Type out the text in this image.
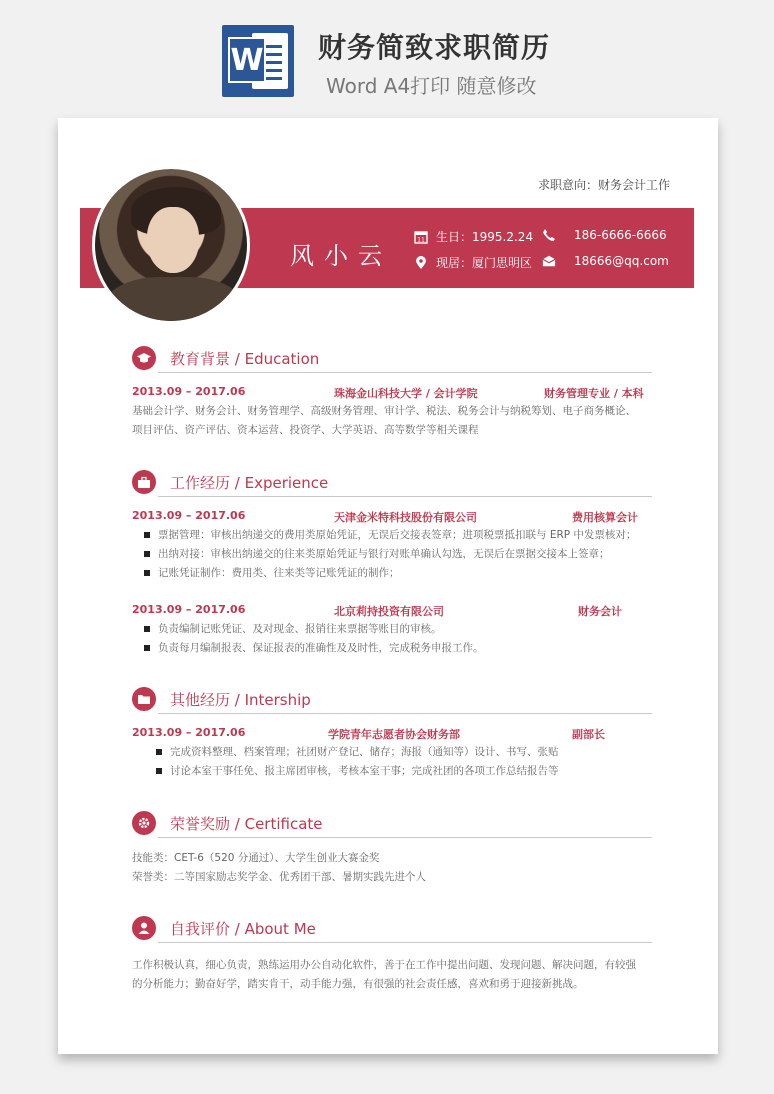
W 财务简致求职简历
Word A4打印 随意修改
求职意向：财务会计工作
风小云
11 生日：1995.2.24	186-6666-6666
现居：厦门思明区	18666@qq.com
教育背景 / Education
2013.09 – 2017.06	珠海金山科技大学 / 会计学院	财务管理专业 / 本科
基础会计学、财务会计、财务管理学、高级财务管理、审计学、税法、税务会计与纳税筹划、电子商务概论、
项目评估、资产评估、资本运营、投资学、大学英语、高等数学等相关课程
工作经历 / Experience
2013.09 – 2017.06	天津金米特科技股份有限公司	费用核算会计
票据管理：审核出纳递交的费用类原始凭证，无误后交接表签章；进项税票抵扣联与 ERP 中发票核对；
出纳对接：审核出纳递交的往来类原始凭证与银行对账单确认勾选，无误后在票据交接本上签章；
记账凭证制作：费用类、往来类等记账凭证的制作；
2013.09 – 2017.06	北京莉持投资有限公司	财务会计
负责编制记账凭证、及对现金、报销往来票据等账目的审核。
负责每月编制报表、保证报表的准确性及及时性，完成税务申报工作。
其他经历 / Intership
2013.09 – 2017.06	学院青年志愿者协会财务部	副部长
完成资料整理、档案管理；社团财产登记、储存；海报（通知等）设计、书写、张贴
讨论本室干事任免、报主席团审核，考核本室干事；完成社团的各项工作总结报告等
荣誉奖励 / Certificate
技能类：CET-6（520 分通过）、大学生创业大赛金奖
荣誉类：二等国家励志奖学金、优秀团干部、暑期实践先进个人
自我评价 / About Me
工作积极认真，细心负责，熟练运用办公自动化软件，善于在工作中提出问题、发现问题、解决问题，有较强
的分析能力；勤奋好学，踏实肯干，动手能力强，有很强的社会责任感，喜欢和勇于迎接新挑战。
